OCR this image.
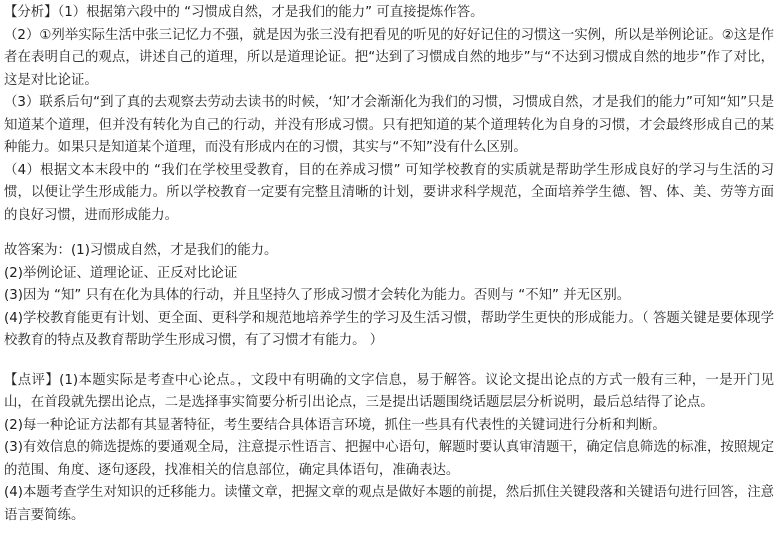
【分析】（1）根据第六段中的 “习惯成自然，才是我们的能力” 可直接提炼作答。

（2）①列举实际生活中张三记忆力不强，就是因为张三没有把看见的听见的好好记住的习惯这一实例，所以是举例论证。②这是作者在表明自己的观点，讲述自己的道理，所以是道理论证。把“达到了习惯成自然的地步”与“不达到习惯成自然的地步”作了对比，这是对比论证。

（3）联系后句“到了真的去观察去劳动去读书的时候，‘知’才会渐渐化为我们的习惯，习惯成自然，才是我们的能力”可知“知”只是知道某个道理，但并没有转化为自己的行动，并没有形成习惯。只有把知道的某个道理转化为自身的习惯，才会最终形成自己的某种能力。如果只是知道某个道理，而没有形成内在的习惯，其实与“不知”没有什么区别。

（4）根据文本末段中的 “我们在学校里受教育，目的在养成习惯” 可知学校教育的实质就是帮助学生形成良好的学习与生活的习惯，以便让学生形成能力。所以学校教育一定要有完整且清晰的计划，要讲求科学规范，全面培养学生德、智、体、美、劳等方面的良好习惯，进而形成能力。

故答案为：(1)习惯成自然，才是我们的能力。

(2)举例论证、道理论证、正反对比论证

(3)因为 “知” 只有在化为具体的行动，并且坚持久了形成习惯才会转化为能力。否则与 “不知” 并无区别。

(4)学校教育能更有计划、更全面、更科学和规范地培养学生的学习及生活习惯，帮助学生更快的形成能力。（ 答题关键是要体现学校教育的特点及教育帮助学生形成习惯，有了习惯才有能力。 ）

【点评】(1)本题实际是考查中心论点。，文段中有明确的文字信息，易于解答。议论文提出论点的方式一般有三种，一是开门见山，在首段就先摆出论点，二是选择事实简要分析引出论点，三是提出话题围绕话题层层分析说明，最后总结得了论点。

(2)每一种论证方法都有其显著特征，考生要结合具体语言环境，抓住一些具有代表性的关键词进行分析和判断。

(3)有效信息的筛选提炼的要通观全局，注意提示性语言、把握中心语句，解题时要认真审清题干，确定信息筛选的标准，按照规定的范围、角度、逐句逐段，找准相关的信息部位，确定具体语句，准确表达。

(4)本题考查学生对知识的迁移能力。读懂文章，把握文章的观点是做好本题的前提，然后抓住关键段落和关键语句进行回答，注意语言要简练。
